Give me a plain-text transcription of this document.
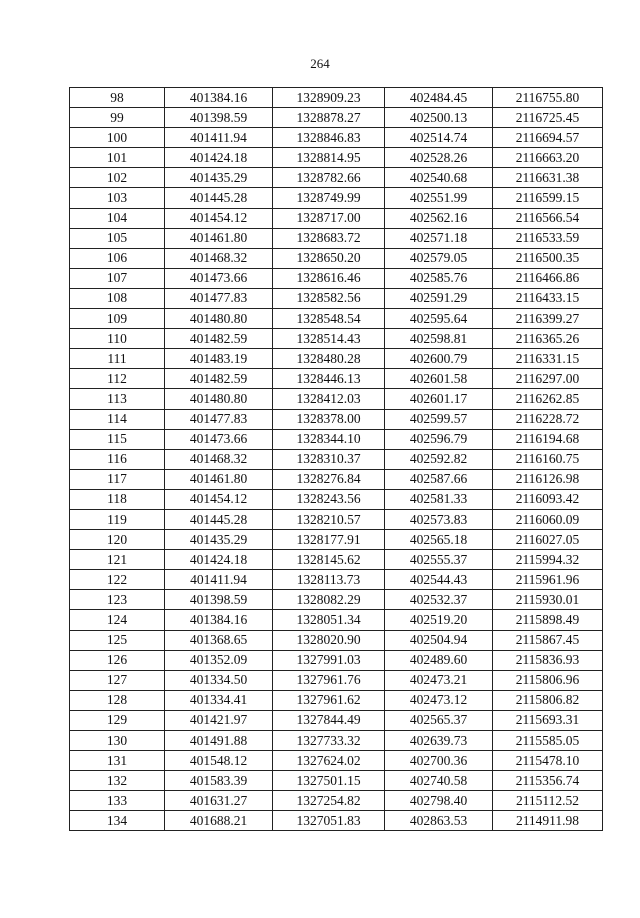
264
98	401384.16	1328909.23	402484.45	2116755.80
99	401398.59	1328878.27	402500.13	2116725.45
100	401411.94	1328846.83	402514.74	2116694.57
101	401424.18	1328814.95	402528.26	2116663.20
102	401435.29	1328782.66	402540.68	2116631.38
103	401445.28	1328749.99	402551.99	2116599.15
104	401454.12	1328717.00	402562.16	2116566.54
105	401461.80	1328683.72	402571.18	2116533.59
106	401468.32	1328650.20	402579.05	2116500.35
107	401473.66	1328616.46	402585.76	2116466.86
108	401477.83	1328582.56	402591.29	2116433.15
109	401480.80	1328548.54	402595.64	2116399.27
110	401482.59	1328514.43	402598.81	2116365.26
111	401483.19	1328480.28	402600.79	2116331.15
112	401482.59	1328446.13	402601.58	2116297.00
113	401480.80	1328412.03	402601.17	2116262.85
114	401477.83	1328378.00	402599.57	2116228.72
115	401473.66	1328344.10	402596.79	2116194.68
116	401468.32	1328310.37	402592.82	2116160.75
117	401461.80	1328276.84	402587.66	2116126.98
118	401454.12	1328243.56	402581.33	2116093.42
119	401445.28	1328210.57	402573.83	2116060.09
120	401435.29	1328177.91	402565.18	2116027.05
121	401424.18	1328145.62	402555.37	2115994.32
122	401411.94	1328113.73	402544.43	2115961.96
123	401398.59	1328082.29	402532.37	2115930.01
124	401384.16	1328051.34	402519.20	2115898.49
125	401368.65	1328020.90	402504.94	2115867.45
126	401352.09	1327991.03	402489.60	2115836.93
127	401334.50	1327961.76	402473.21	2115806.96
128	401334.41	1327961.62	402473.12	2115806.82
129	401421.97	1327844.49	402565.37	2115693.31
130	401491.88	1327733.32	402639.73	2115585.05
131	401548.12	1327624.02	402700.36	2115478.10
132	401583.39	1327501.15	402740.58	2115356.74
133	401631.27	1327254.82	402798.40	2115112.52
134	401688.21	1327051.83	402863.53	2114911.98
